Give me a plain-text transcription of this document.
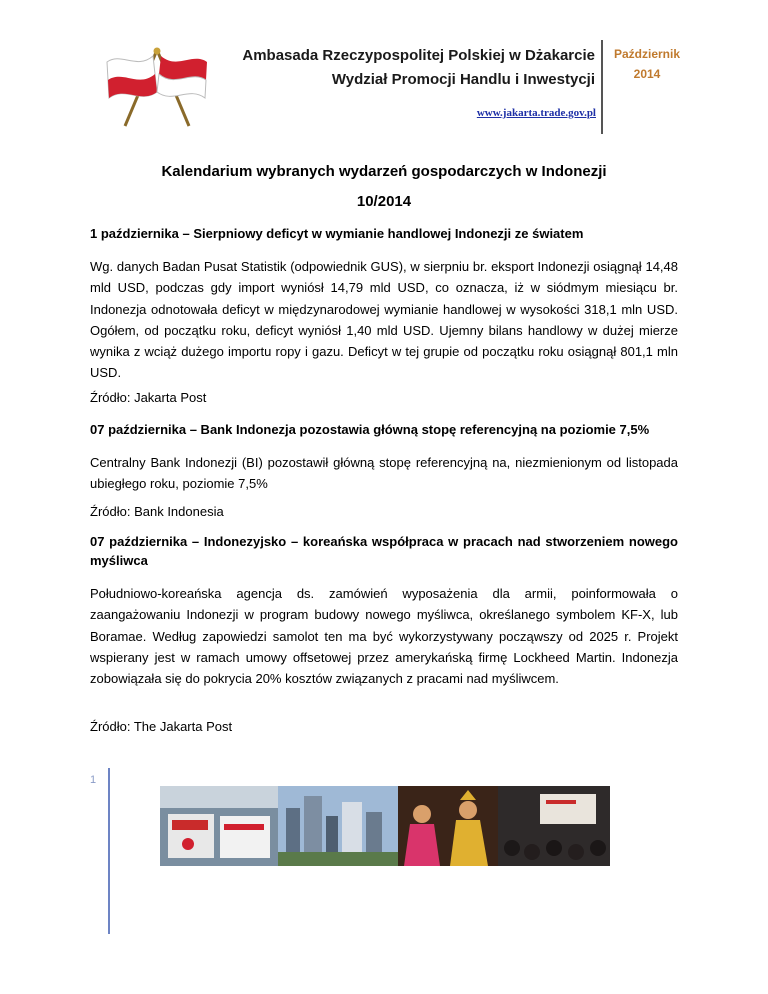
Ambasada Rzeczypospolitej Polskiej w Dżakarcie
Wydział Promocji Handlu i Inwestycji
www.jakarta.trade.gov.pl
Październik
2014
Kalendarium wybranych wydarzeń gospodarczych w Indonezji
10/2014
1 października – Sierpniowy deficyt w wymianie handlowej Indonezji ze światem
Wg. danych Badan Pusat Statistik (odpowiednik GUS), w sierpniu br. eksport Indonezji osiągnął 14,48 mld USD, podczas gdy import wyniósł 14,79 mld USD, co oznacza, iż w siódmym miesiącu br. Indonezja odnotowała deficyt w międzynarodowej wymianie handlowej w wysokości 318,1 mln USD. Ogółem, od początku roku, deficyt wyniósł 1,40 mld USD. Ujemny bilans handlowy w dużej mierze wynika z wciąż dużego importu ropy i gazu. Deficyt w tej grupie od początku roku osiągnął 801,1 mln USD.
Źródło: Jakarta Post
07 października – Bank Indonezja pozostawia główną stopę referencyjną na poziomie 7,5%
Centralny Bank Indonezji (BI) pozostawił główną stopę referencyjną na, niezmienionym od listopada ubiegłego roku, poziomie 7,5%
Źródło: Bank Indonesia
07 października – Indonezyjsko – koreańska współpraca w pracach nad stworzeniem nowego myśliwca
Południowo-koreańska agencja ds. zamówień wyposażenia dla armii, poinformowała o zaangażowaniu Indonezji w program budowy nowego myśliwca, określanego symbolem KF-X, lub Boramae. Według zapowiedzi samolot ten ma być wykorzystywany począwszy od 2025 r. Projekt wspierany jest w ramach umowy offsetowej przez amerykańską firmę Lockheed Martin. Indonezja zobowiązała się do pokrycia 20% kosztów związanych z pracami nad myśliwcem.
Źródło: The Jakarta Post
1
